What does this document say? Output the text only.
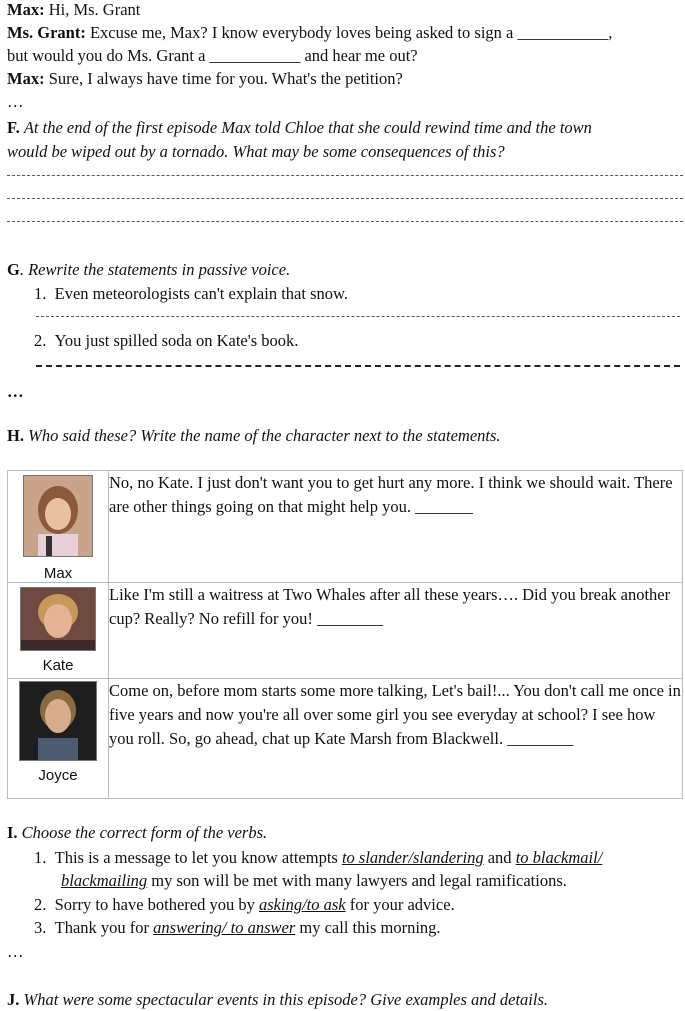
Max: Hi, Ms. Grant
Ms. Grant: Excuse me, Max? I know everybody loves being asked to sign a ___________,
but would you do Ms. Grant a ___________ and hear me out?
Max: Sure, I always have time for you. What's the petition?
…
F. At the end of the first episode Max told Chloe that she could rewind time and the town
would be wiped out by a tornado. What may be some consequences of this?
G. Rewrite the statements in passive voice.
1. Even meteorologists can't explain that snow.
2. You just spilled soda on Kate's book.
…
H. Who said these? Write the name of the character next to the statements.
Max	No, no Kate. I just don't want you to get hurt any more. I think we should wait. There are other things going on that might help you. _______

Kate	Like I'm still a waitress at Two Whales after all these years…. Did you break another cup? Really? No refill for you! ________

Joyce	Come on, before mom starts some more talking, Let's bail!... You don't call me once in five years and now you're all over some girl you see everyday at school? I see how you roll. So, go ahead, chat up Kate Marsh from Blackwell. ________
I. Choose the correct form of the verbs.
1. This is a message to let you know attempts to slander/slandering and to blackmail/
blackmailing my son will be met with many lawyers and legal ramifications.
2. Sorry to have bothered you by asking/to ask for your advice.
3. Thank you for answering/ to answer my call this morning.
…
J. What were some spectacular events in this episode? Give examples and details.
